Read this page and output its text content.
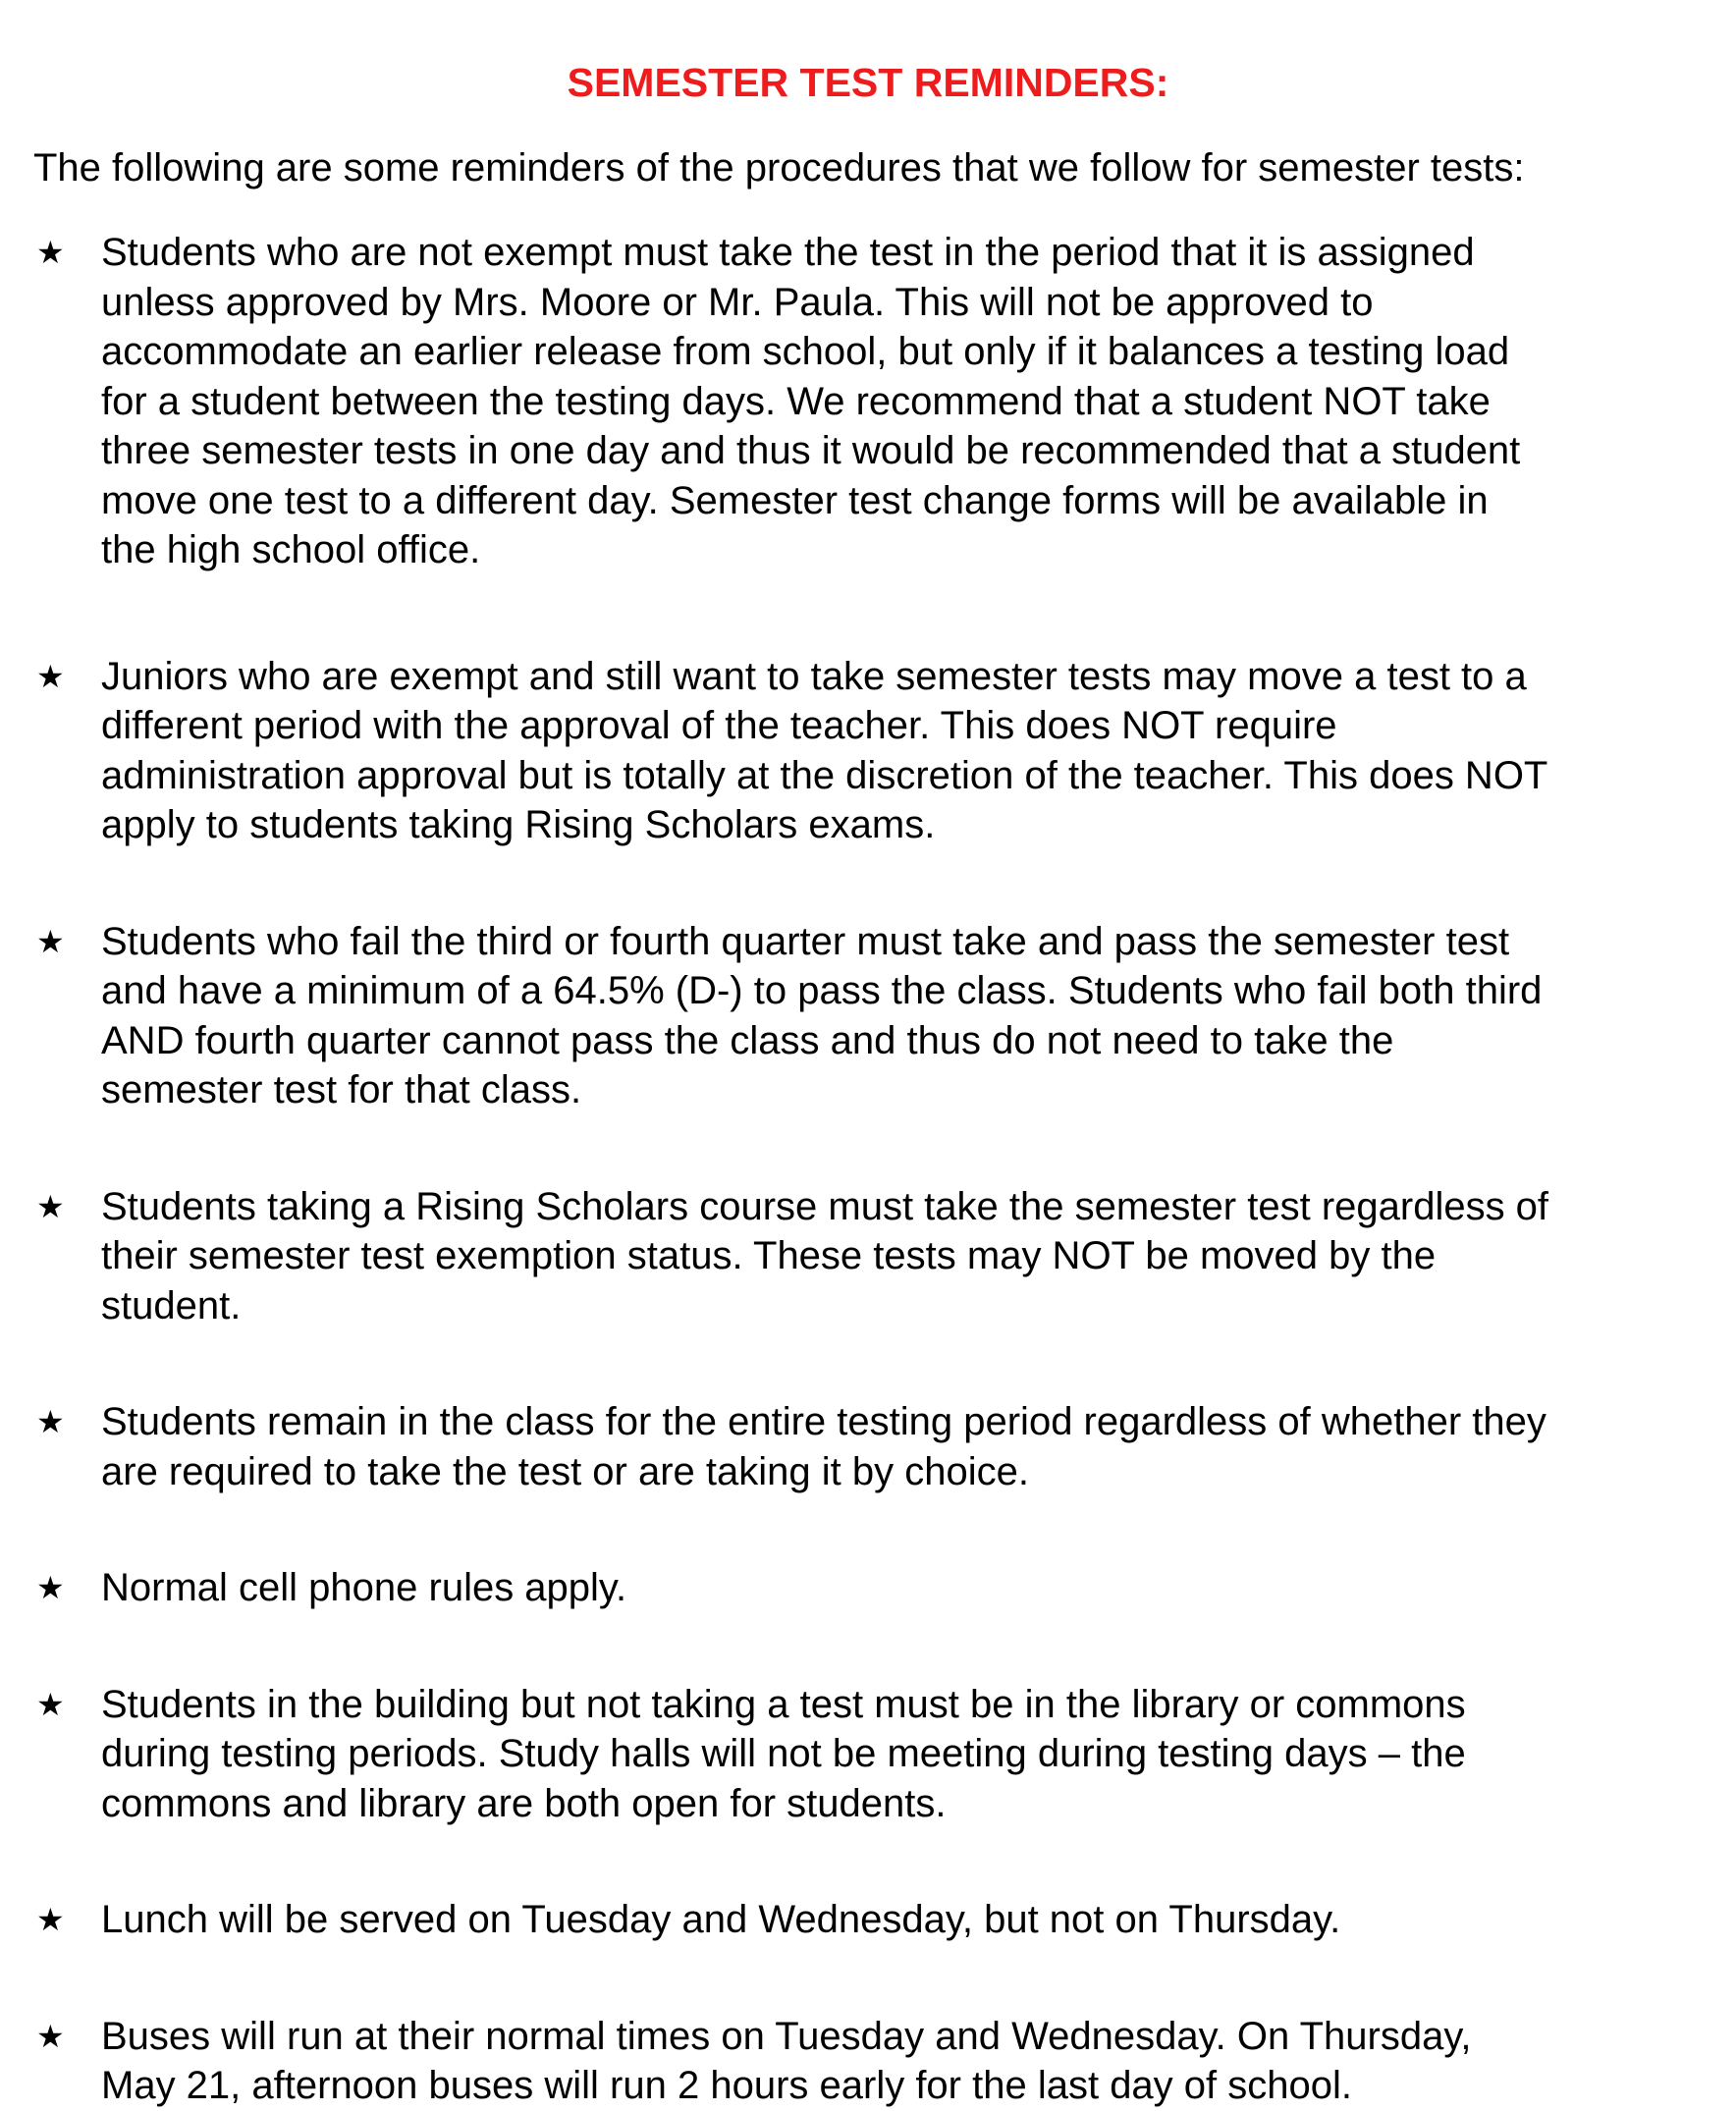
SEMESTER TEST REMINDERS:
The following are some reminders of the procedures that we follow for semester tests:
★ Students who are not exempt must take the test in the period that it is assigned
unless approved by Mrs. Moore or Mr. Paula. This will not be approved to
accommodate an earlier release from school, but only if it balances a testing load
for a student between the testing days. We recommend that a student NOT take
three semester tests in one day and thus it would be recommended that a student
move one test to a different day. Semester test change forms will be available in
the high school office.
★ Juniors who are exempt and still want to take semester tests may move a test to a
different period with the approval of the teacher. This does NOT require
administration approval but is totally at the discretion of the teacher. This does NOT
apply to students taking Rising Scholars exams.
★ Students who fail the third or fourth quarter must take and pass the semester test
and have a minimum of a 64.5% (D-) to pass the class. Students who fail both third
AND fourth quarter cannot pass the class and thus do not need to take the
semester test for that class.
★ Students taking a Rising Scholars course must take the semester test regardless of
their semester test exemption status. These tests may NOT be moved by the
student.
★ Students remain in the class for the entire testing period regardless of whether they
are required to take the test or are taking it by choice.
★ Normal cell phone rules apply.
★ Students in the building but not taking a test must be in the library or commons
during testing periods. Study halls will not be meeting during testing days – the
commons and library are both open for students.
★ Lunch will be served on Tuesday and Wednesday, but not on Thursday.
★ Buses will run at their normal times on Tuesday and Wednesday. On Thursday,
May 21, afternoon buses will run 2 hours early for the last day of school.
